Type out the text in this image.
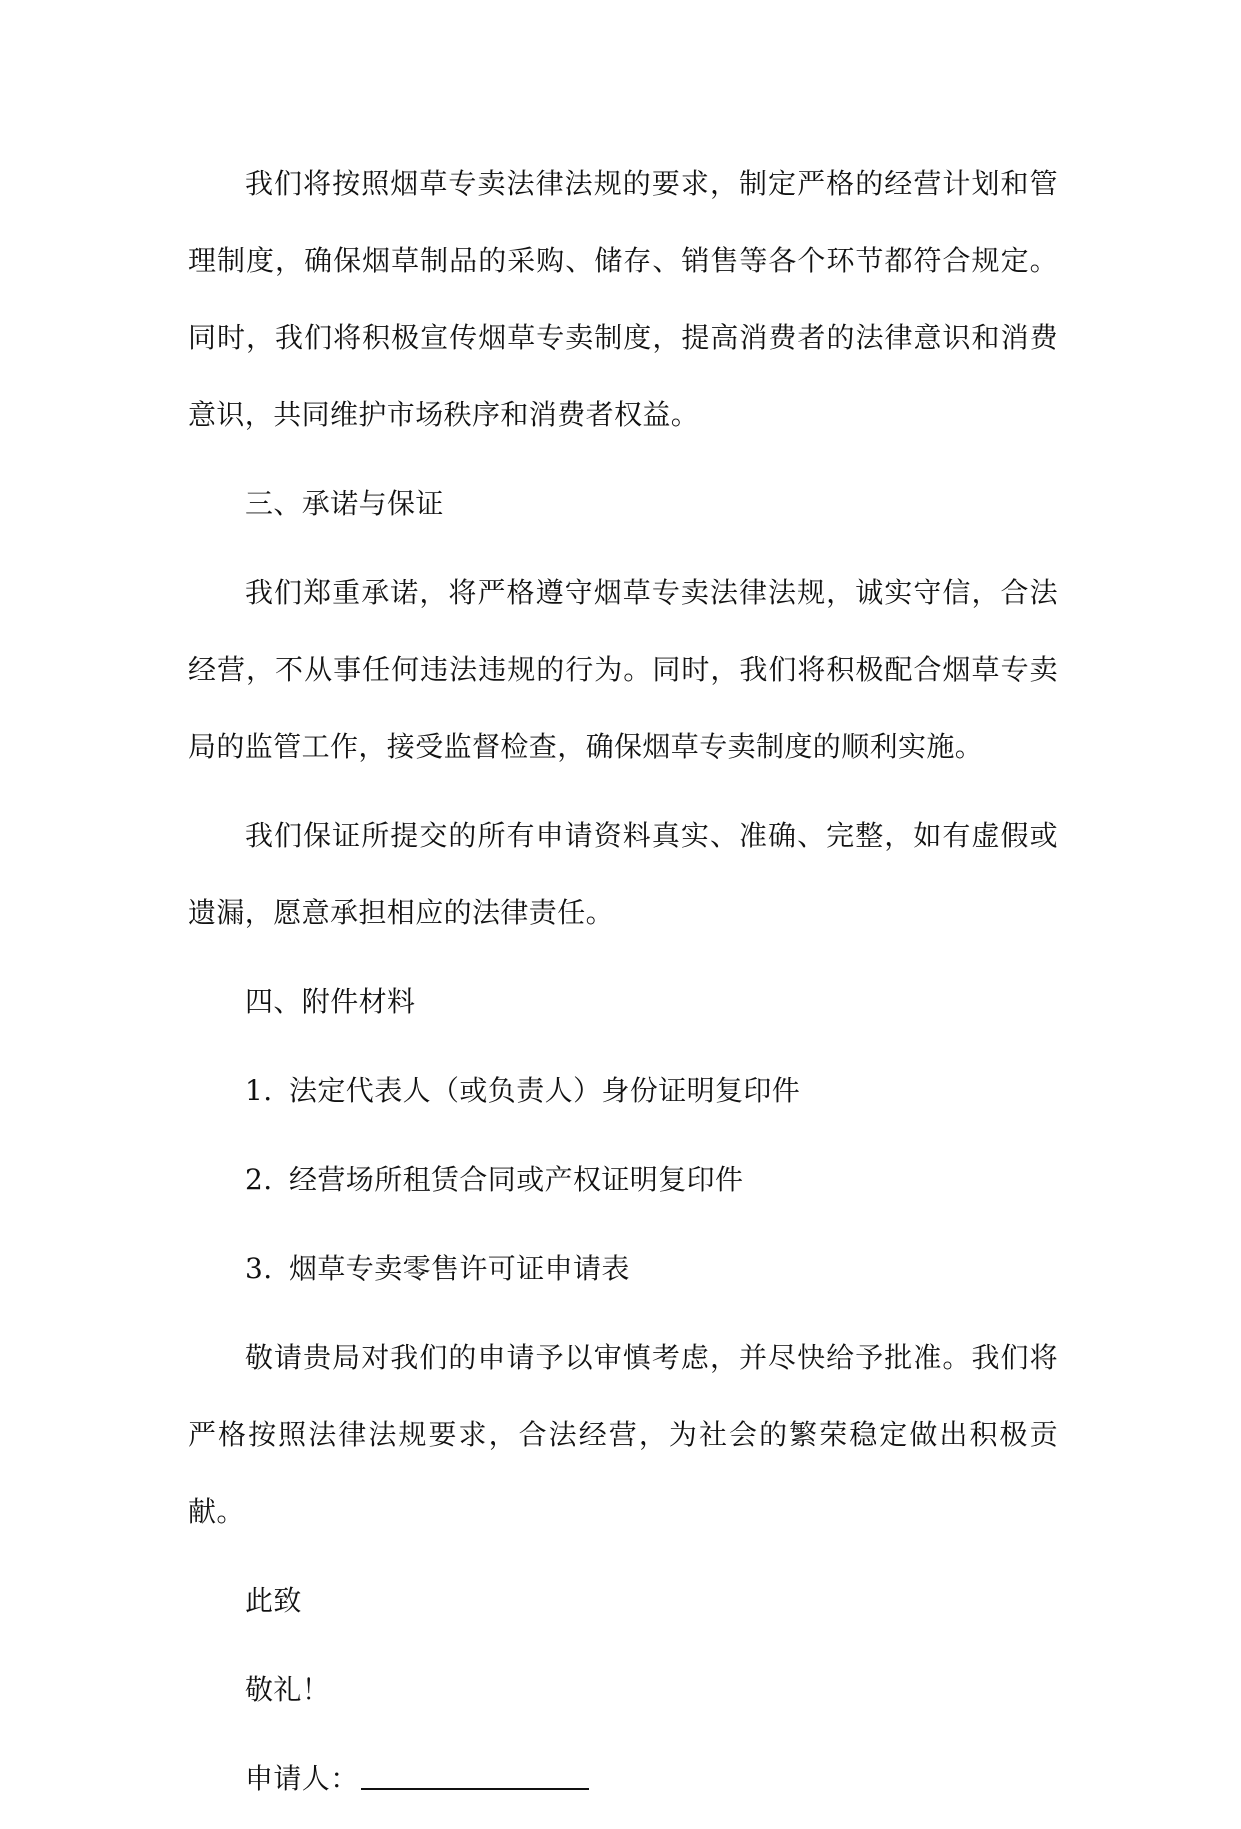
我们将按照烟草专卖法律法规的要求，制定严格的经营计划和管理制度，确保烟草制品的采购、储存、销售等各个环节都符合规定。同时，我们将积极宣传烟草专卖制度，提高消费者的法律意识和消费意识，共同维护市场秩序和消费者权益。

三、承诺与保证

我们郑重承诺，将严格遵守烟草专卖法律法规，诚实守信，合法经营，不从事任何违法违规的行为。同时，我们将积极配合烟草专卖局的监管工作，接受监督检查，确保烟草专卖制度的顺利实施。

我们保证所提交的所有申请资料真实、准确、完整，如有虚假或遗漏，愿意承担相应的法律责任。

四、附件材料

1. 法定代表人（或负责人）身份证明复印件
2. 经营场所租赁合同或产权证明复印件
3. 烟草专卖零售许可证申请表

敬请贵局对我们的申请予以审慎考虑，并尽快给予批准。我们将严格按照法律法规要求，合法经营，为社会的繁荣稳定做出积极贡献。

此致
敬礼！
申请人：
